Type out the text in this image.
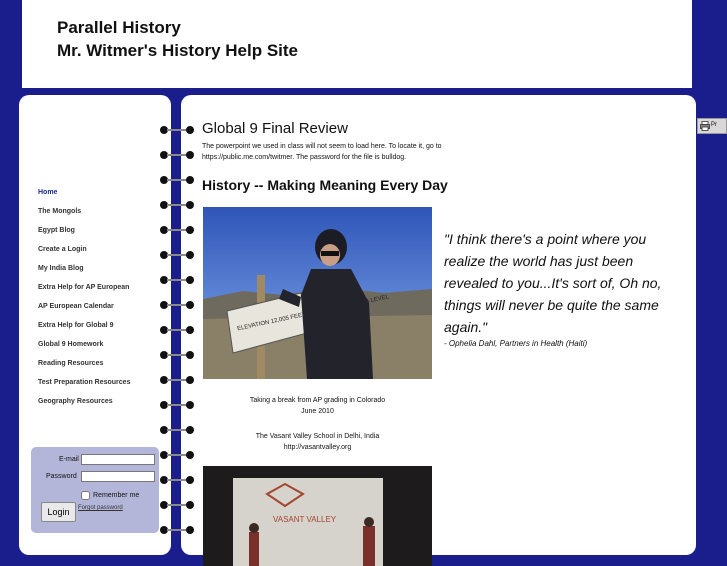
Parallel History
Mr. Witmer's History Help Site
Home
The Mongols
Egypt Blog
Create a Login
My India Blog
Extra Help for AP European
AP European Calendar
Extra Help for Global 9
Global 9 Homework
Reading Resources
Test Preparation Resources
Geography Resources
E-mail
Password
Remember me
Login	Forgot password
Global 9 Final Review

The powerpoint we used in class will not seem to load here. To locate it, go to https://public.me.com/twitmer. The password for the file is bulldog.

History -- Making Meaning Every Day
ELEVATION 12,005 FEET LEVEL
Taking a break from AP grading in Colorado
June 2010
The Vasant Valley School in Delhi, India
http://vasantvalley.org
VASANT VALLEY
"I think there's a point where you realize the world has just been revealed to you...It's sort of, Oh no, things will never be quite the same again."
- Ophelia Dahl, Partners in Health (Haiti)
Pr
